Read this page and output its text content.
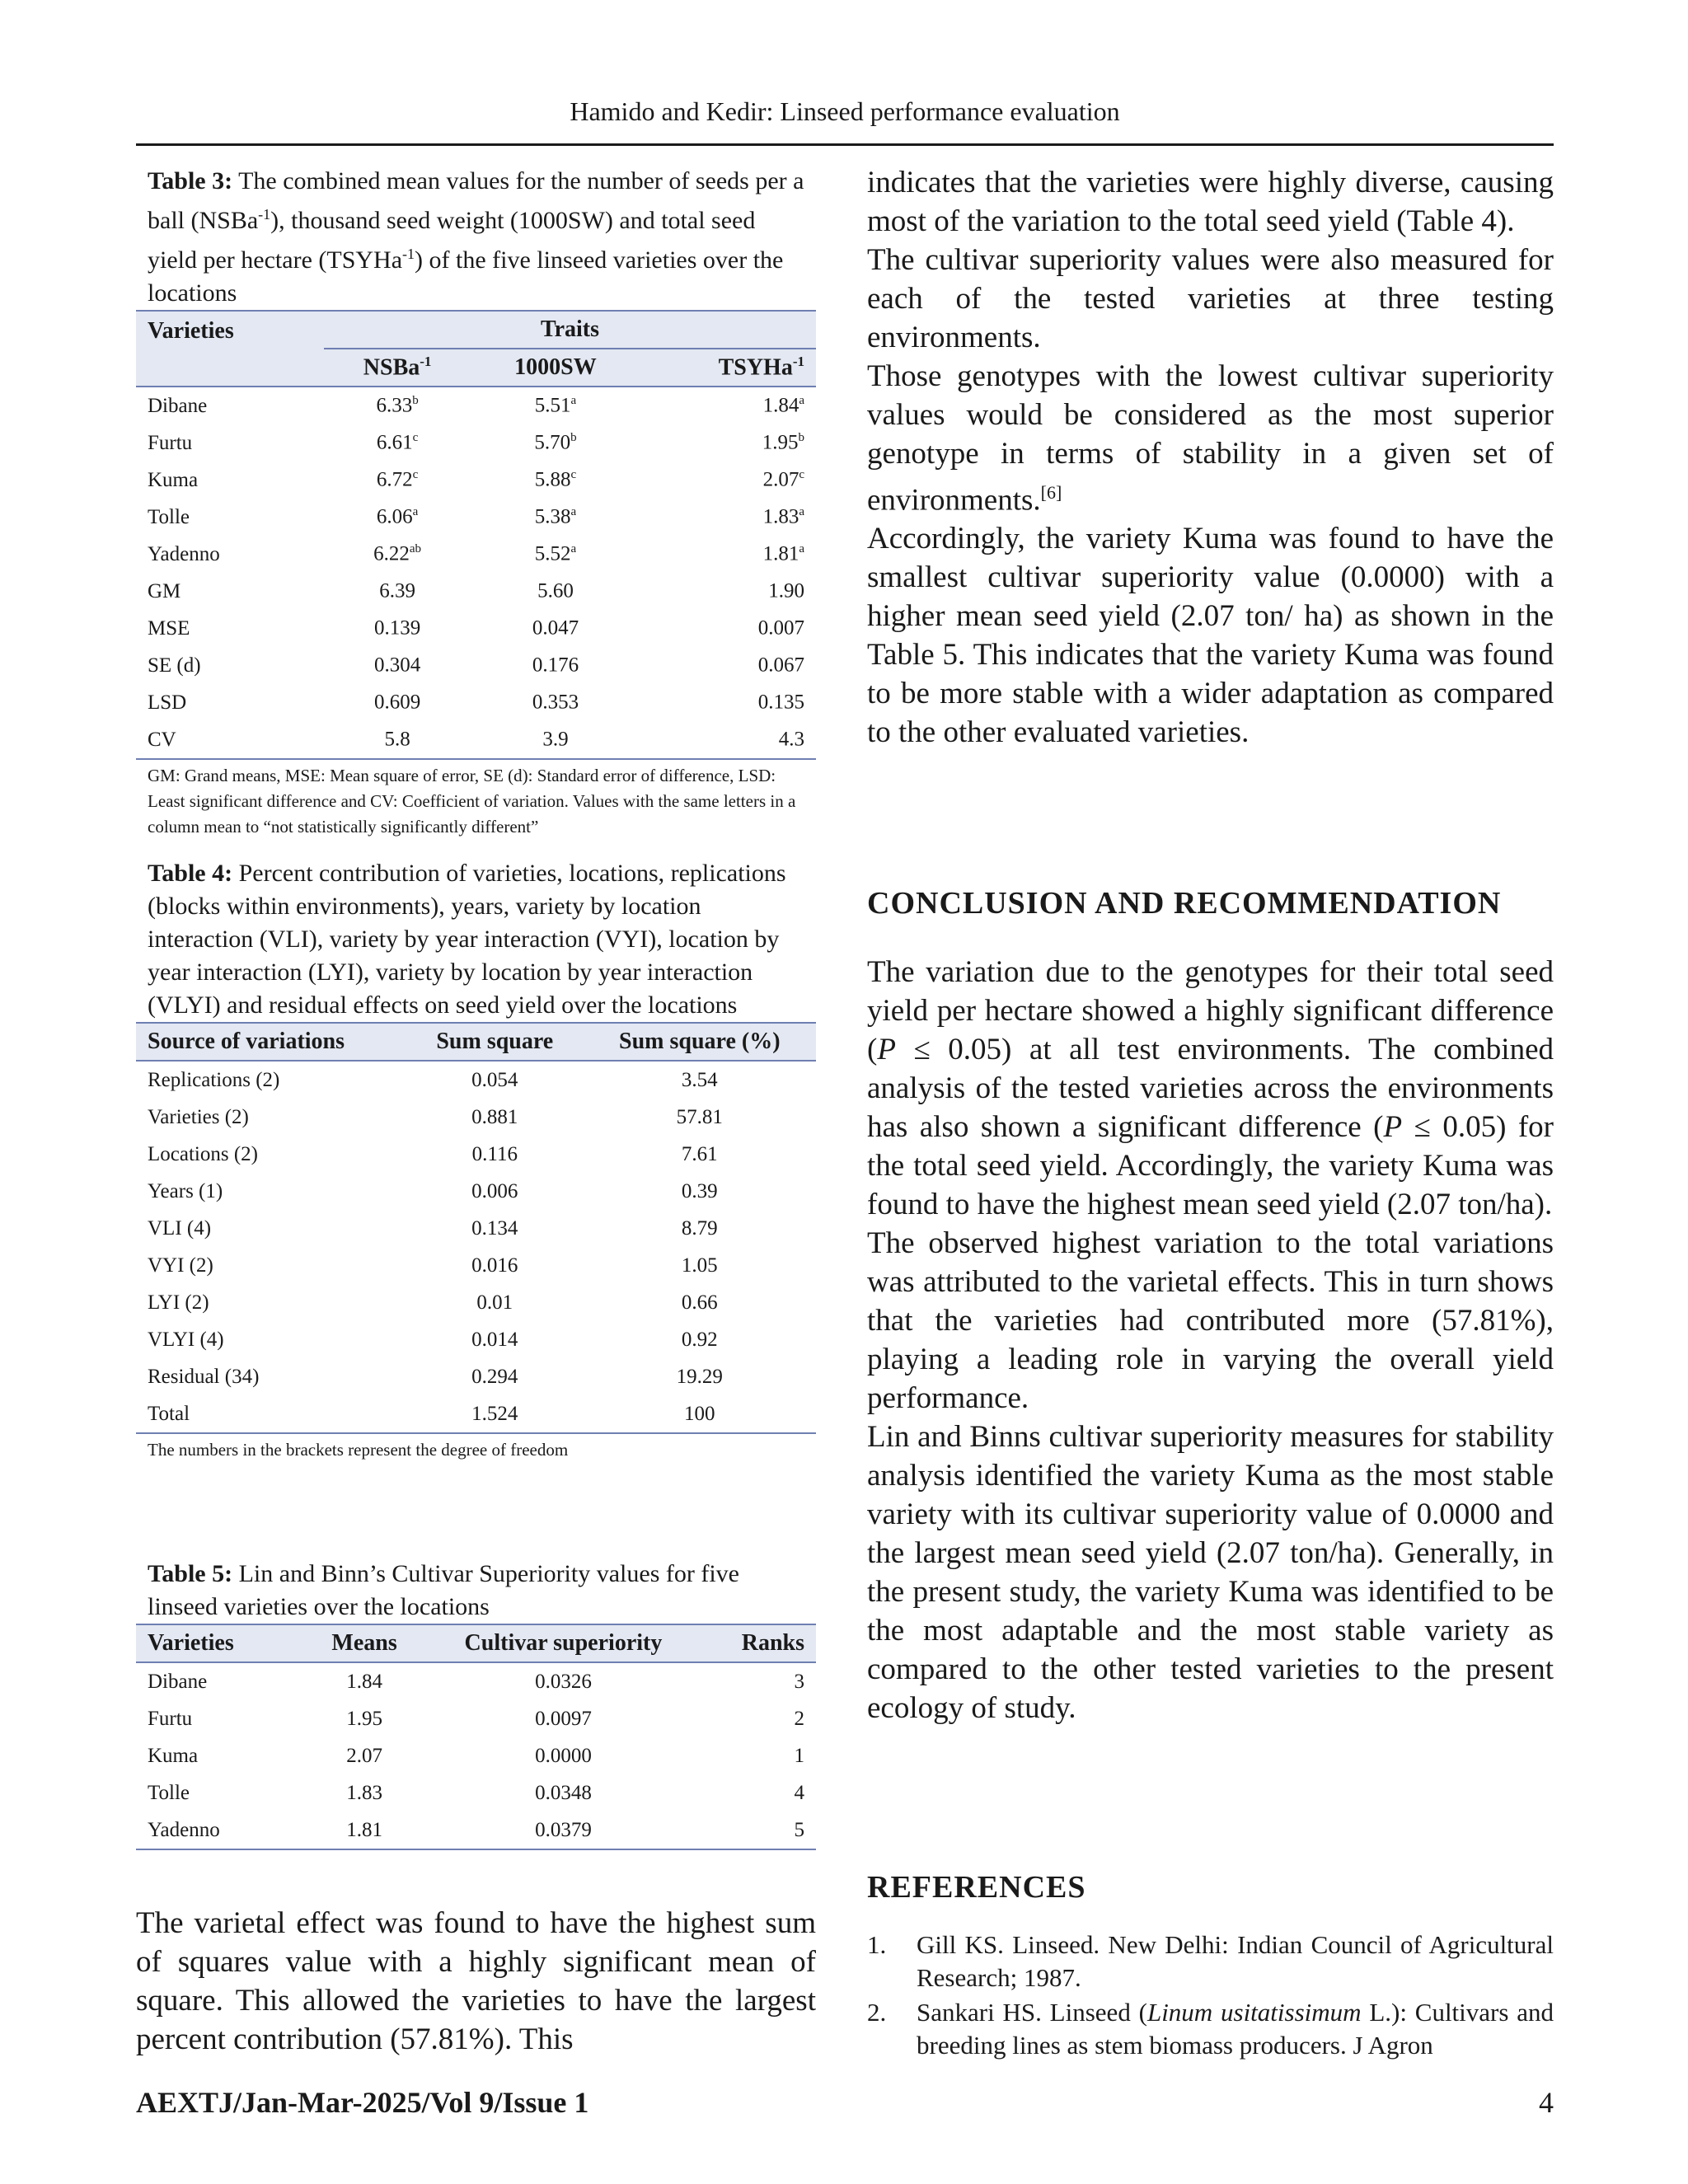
Hamido and Kedir: Linseed performance evaluation

Table 3: The combined mean values for the number of seeds per a ball (NSBa$^{-1}$), thousand seed weight (1000SW) and total seed yield per hectare (TSYHa$^{-1}$) of the five linseed varieties over the locations

Varieties	Traits		
	NSBa$^{-1}$	1000SW	TSYHa$^{-1}$
Dibane	6.33$^b$	5.51$^a$	1.84$^a$
Furtu	6.61$^c$	5.70$^b$	1.95$^b$
Kuma	6.72$^c$	5.88$^c$	2.07$^c$
Tolle	6.06$^a$	5.38$^a$	1.83$^a$
Yadenno	6.22$^{ab}$	5.52$^a$	1.81$^a$
GM	6.39	5.60	1.90
MSE	0.139	0.047	0.007
SE (d)	0.304	0.176	0.067
LSD	0.609	0.353	0.135
CV	5.8	3.9	4.3

GM: Grand means, MSE: Mean square of error, SE (d): Standard error of difference, LSD: Least significant difference and CV: Coefficient of variation. Values with the same letters in a column mean to “not statistically significantly different”

Table 4: Percent contribution of varieties, locations, replications (blocks within environments), years, variety by location interaction (VLI), variety by year interaction (VYI), location by year interaction (LYI), variety by location by year interaction (VLYI) and residual effects on seed yield over the locations

Source of variations	Sum square	Sum square (%)
Replications (2)	0.054	3.54
Varieties (2)	0.881	57.81
Locations (2)	0.116	7.61
Years (1)	0.006	0.39
VLI (4)	0.134	8.79
VYI (2)	0.016	1.05
LYI (2)	0.01	0.66
VLYI (4)	0.014	0.92
Residual (34)	0.294	19.29
Total	1.524	100

The numbers in the brackets represent the degree of freedom

Table 5: Lin and Binn’s Cultivar Superiority values for five linseed varieties over the locations

Varieties	Means	Cultivar superiority	Ranks
Dibane	1.84	0.0326	3
Furtu	1.95	0.0097	2
Kuma	2.07	0.0000	1
Tolle	1.83	0.0348	4
Yadenno	1.81	0.0379	5

The varietal effect was found to have the highest sum of squares value with a highly significant mean of square. This allowed the varieties to have the largest percent contribution (57.81%). This

indicates that the varieties were highly diverse, causing most of the variation to the total seed yield (Table 4).

The cultivar superiority values were also measured for each of the tested varieties at three testing environments.

Those genotypes with the lowest cultivar superiority values would be considered as the most superior genotype in terms of stability in a given set of environments.[6]

Accordingly, the variety Kuma was found to have the smallest cultivar superiority value (0.0000) with a higher mean seed yield (2.07 ton/ ha) as shown in the Table 5. This indicates that the variety Kuma was found to be more stable with a wider adaptation as compared to the other evaluated varieties.

CONCLUSION AND RECOMMENDATION

The variation due to the genotypes for their total seed yield per hectare showed a highly significant difference (P ≤ 0.05) at all test environments. The combined analysis of the tested varieties across the environments has also shown a significant difference (P ≤ 0.05) for the total seed yield. Accordingly, the variety Kuma was found to have the highest mean seed yield (2.07 ton/ha).

The observed highest variation to the total variations was attributed to the varietal effects. This in turn shows that the varieties had contributed more (57.81%), playing a leading role in varying the overall yield performance.

Lin and Binns cultivar superiority measures for stability analysis identified the variety Kuma as the most stable variety with its cultivar superiority value of 0.0000 and the largest mean seed yield (2.07 ton/ha). Generally, in the present study, the variety Kuma was identified to be the most adaptable and the most stable variety as compared to the other tested varieties to the present ecology of study.

REFERENCES
1. Gill KS. Linseed. New Delhi: Indian Council of Agricultural Research; 1987.
2. Sankari HS. Linseed (Linum usitatissimum L.): Cultivars and breeding lines as stem biomass producers. J Agron
AEXTJ/Jan-Mar-2025/Vol 9/Issue 1	4
